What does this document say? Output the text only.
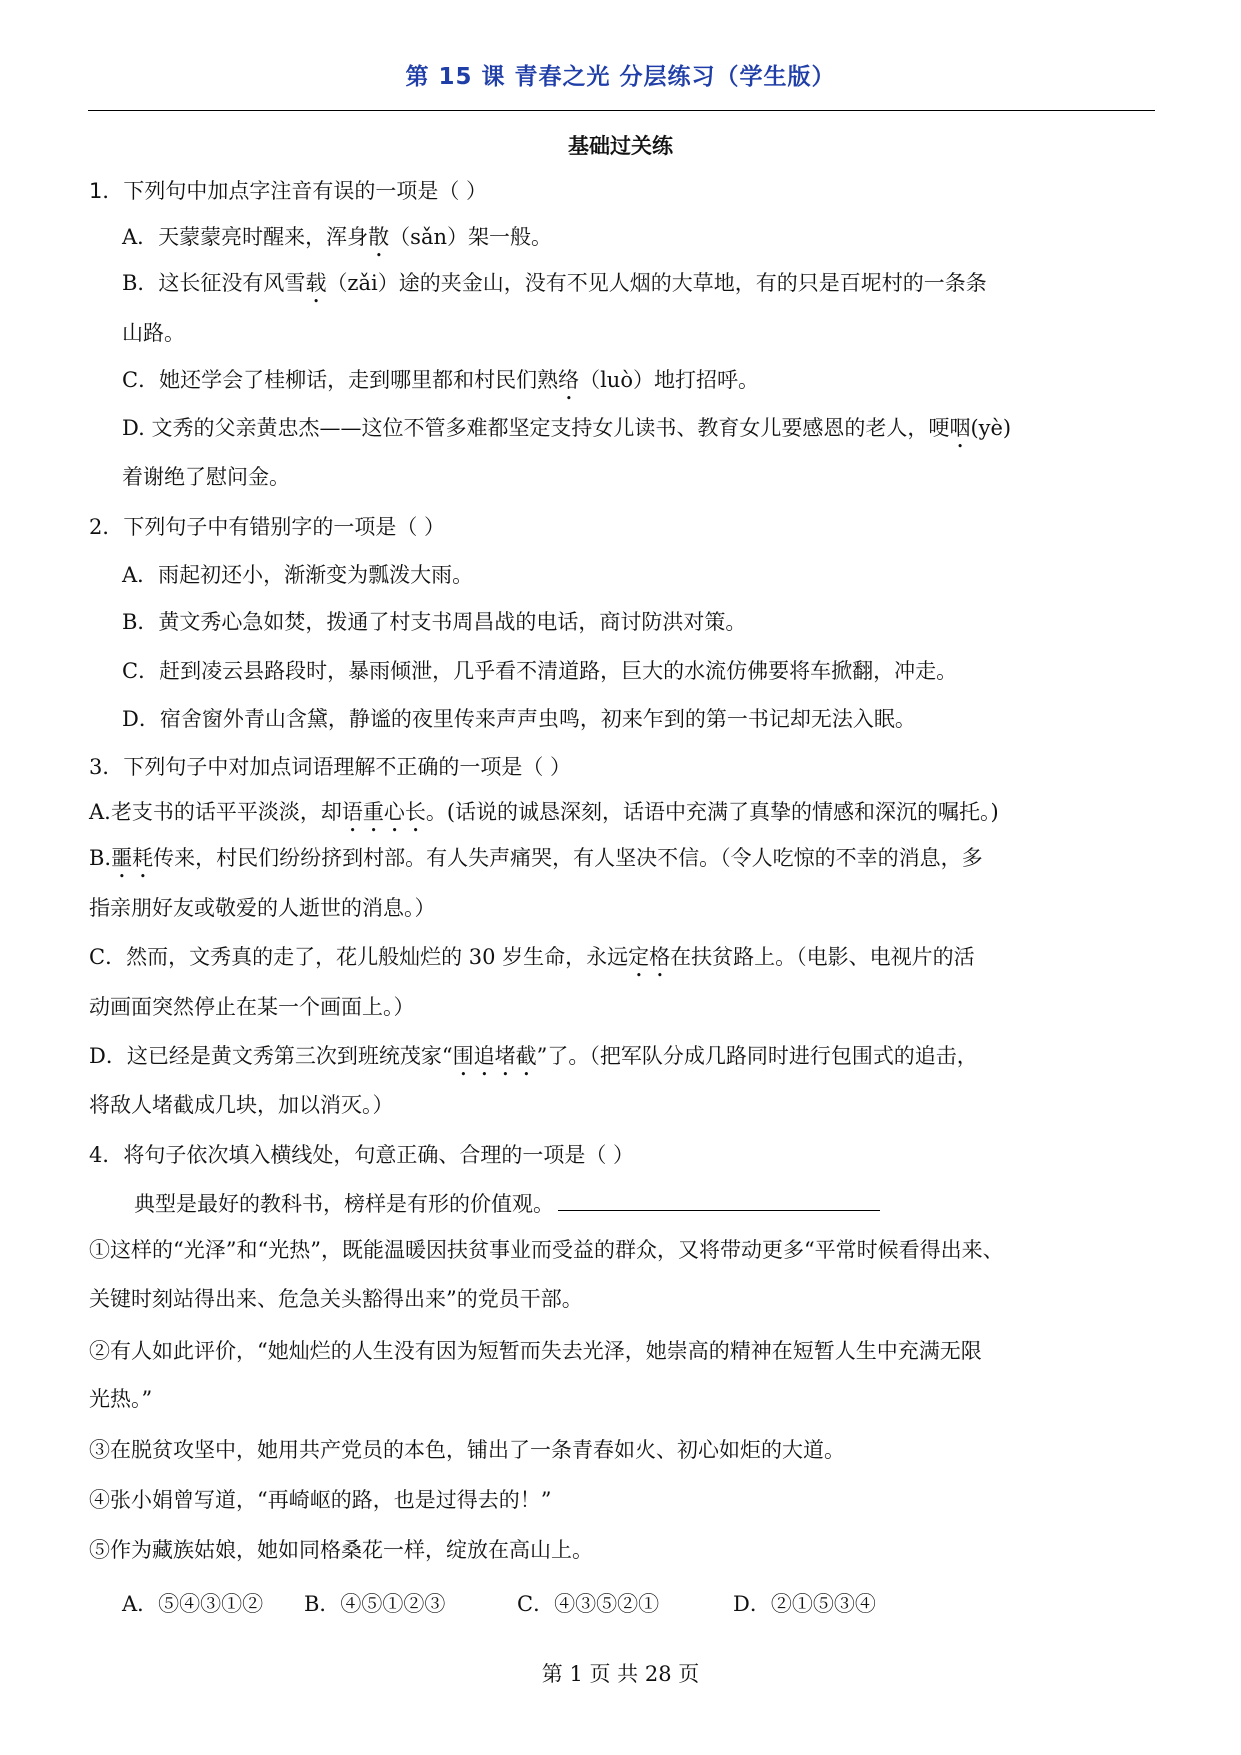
第 15 课 青春之光 分层练习（学生版）
基础过关练
1．下列句中加点字注音有误的一项是（ ）
A．天蒙蒙亮时醒来，浑身散（sǎn）架一般。
B．这长征没有风雪载（zǎi）途的夹金山，没有不见人烟的大草地，有的只是百坭村的一条条
山路。
C．她还学会了桂柳话，走到哪里都和村民们熟络（luò）地打招呼。
D. 文秀的父亲黄忠杰——这位不管多难都坚定支持女儿读书、教育女儿要感恩的老人，哽咽(yè)
着谢绝了慰问金。
2．下列句子中有错别字的一项是（ ）
A．雨起初还小，渐渐变为瓢泼大雨。
B．黄文秀心急如焚，拨通了村支书周昌战的电话，商讨防洪对策。
C．赶到凌云县路段时，暴雨倾泄，几乎看不清道路，巨大的水流仿佛要将车掀翻，冲走。
D．宿舍窗外青山含黛，静谧的夜里传来声声虫鸣，初来乍到的第一书记却无法入眠。
3．下列句子中对加点词语理解不正确的一项是（ ）
A.老支书的话平平淡淡，却语重心长。(话说的诚恳深刻，话语中充满了真挚的情感和深沉的嘱托。)
B.噩耗传来，村民们纷纷挤到村部。有人失声痛哭，有人坚决不信。（令人吃惊的不幸的消息，多
指亲朋好友或敬爱的人逝世的消息。）
C．然而，文秀真的走了，花儿般灿烂的 30 岁生命，永远定格在扶贫路上。（电影、电视片的活
动画面突然停止在某一个画面上。）
D．这已经是黄文秀第三次到班统茂家“围追堵截”了。（把军队分成几路同时进行包围式的追击，
将敌人堵截成几块，加以消灭。）
4．将句子依次填入横线处，句意正确、合理的一项是（ ）
典型是最好的教科书，榜样是有形的价值观。
①这样的“光泽”和“光热”，既能温暖因扶贫事业而受益的群众，又将带动更多“平常时候看得出来、
关键时刻站得出来、危急关头豁得出来”的党员干部。
②有人如此评价，“她灿烂的人生没有因为短暂而失去光泽，她崇高的精神在短暂人生中充满无限
光热。”
③在脱贫攻坚中，她用共产党员的本色，铺出了一条青春如火、初心如炬的大道。
④张小娟曾写道，“再崎岖的路，也是过得去的！”
⑤作为藏族姑娘，她如同格桑花一样，绽放在高山上。
A．⑤④③①② B．④⑤①②③	C．④③⑤②①	D．②①⑤③④
第 1 页 共 28 页
